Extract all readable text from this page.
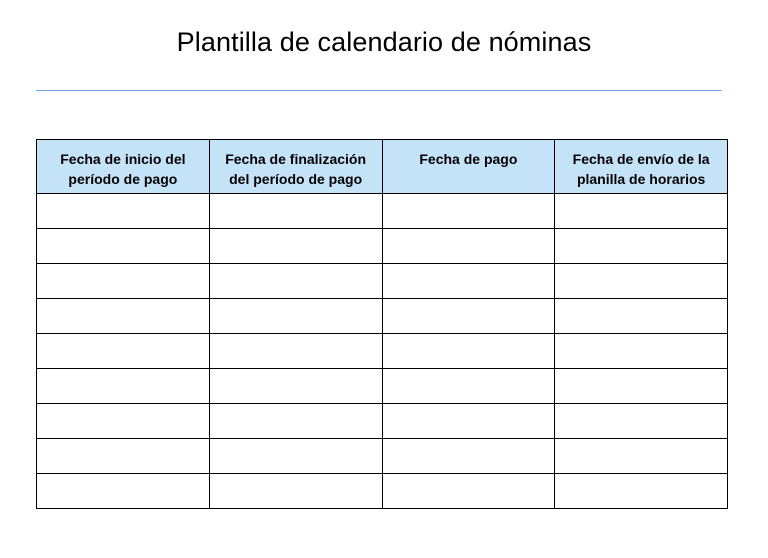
Plantilla de calendario de nóminas
Fecha de inicio del período de pago	Fecha de finalización del período de pago	Fecha de pago	Fecha de envío de la planilla de horarios
